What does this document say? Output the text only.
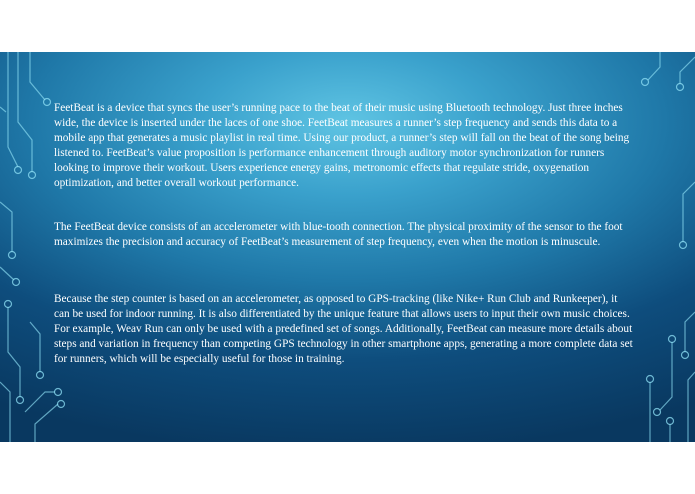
FeetBeat is a device that syncs the user’s running pace to the beat of their music using Bluetooth technology. Just three inches wide, the device is inserted under the laces of one shoe. FeetBeat measures a runner’s step frequency and sends this data to a mobile app that generates a music playlist in real time. Using our product, a runner’s step will fall on the beat of the song being listened to. FeetBeat’s value proposition is performance enhancement through auditory motor synchronization for runners looking to improve their workout. Users experience energy gains, metronomic effects that regulate stride, oxygenation optimization, and better overall workout performance.

The FeetBeat device consists of an accelerometer with blue-tooth connection. The physical proximity of the sensor to the foot maximizes the precision and accuracy of FeetBeat’s measurement of step frequency, even when the motion is minuscule.

Because the step counter is based on an accelerometer, as opposed to GPS-tracking (like Nike+ Run Club and Runkeeper), it can be used for indoor running. It is also differentiated by the unique feature that allows users to input their own music choices. For example, Weav Run can only be used with a predefined set of songs. Additionally, FeetBeat can measure more details about steps and variation in frequency than competing GPS technology in other smartphone apps, generating a more complete data set for runners, which will be especially useful for those in training.
